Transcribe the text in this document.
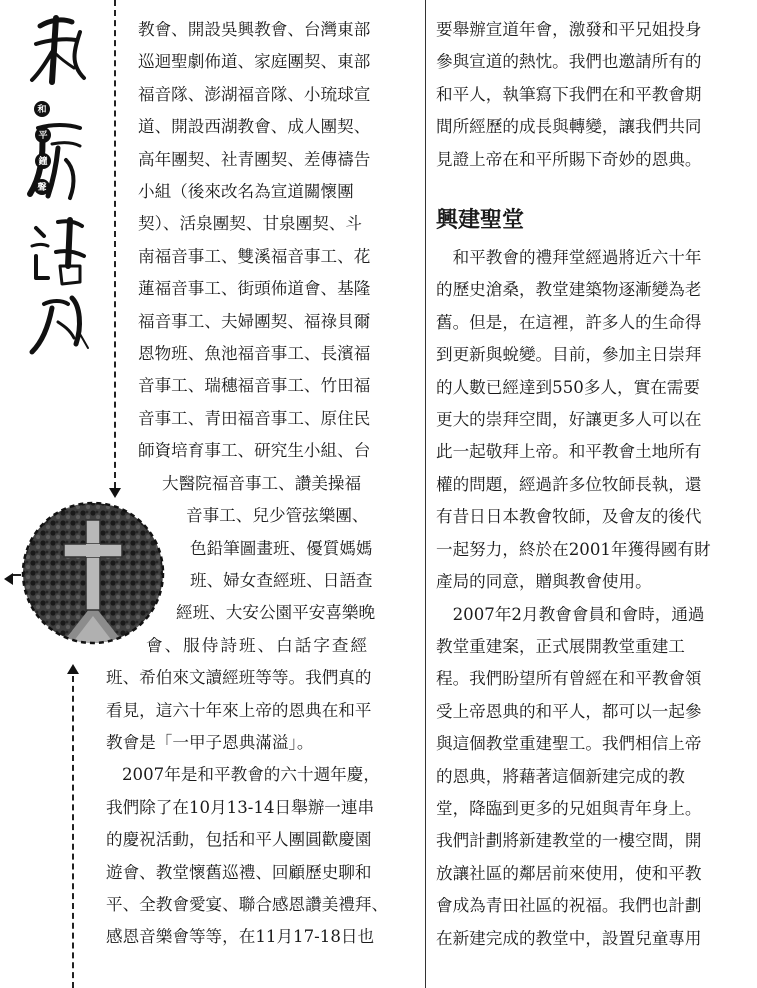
和
平
鐘
聲

教會、開設吳興教會、台灣東部

巡迴聖劇佈道、家庭團契、東部

福音隊、澎湖福音隊、小琉球宣

道、開設西湖教會、成人團契、

高年團契、社青團契、差傳禱告

小組（後來改名為宣道關懷團

契）、活泉團契、甘泉團契、斗

南福音事工、雙溪福音事工、花

蓮福音事工、街頭佈道會、基隆

福音事工、夫婦團契、福祿貝爾

恩物班、魚池福音事工、長濱福

音事工、瑞穗福音事工、竹田福

音事工、青田福音事工、原住民

師資培育事工、研究生小組、台

大醫院福音事工、讚美操福

音事工、兒少管弦樂團、

色鉛筆圖畫班、優質媽媽

班、婦女查經班、日語查

經班、大安公園平安喜樂晚

會、服侍詩班、白話字查經

班、希伯來文讀經班等等。我們真的

看見，這六十年來上帝的恩典在和平

教會是「一甲子恩典滿溢」。

2007年是和平教會的六十週年慶，

我們除了在10月13-14日舉辦一連串

的慶祝活動，包括和平人團圓歡慶園

遊會、教堂懷舊巡禮、回顧歷史聊和

平、全教會愛宴、聯合感恩讚美禮拜、

感恩音樂會等等，在11月17-18日也

要舉辦宣道年會，激發和平兄姐投身

參與宣道的熱忱。我們也邀請所有的

和平人，執筆寫下我們在和平教會期

間所經歷的成長與轉變，讓我們共同

見證上帝在和平所賜下奇妙的恩典。

興建聖堂

和平教會的禮拜堂經過將近六十年

的歷史滄桑，教堂建築物逐漸變為老

舊。但是，在這裡，許多人的生命得

到更新與蛻變。目前，參加主日崇拜

的人數已經達到550多人，實在需要

更大的崇拜空間，好讓更多人可以在

此一起敬拜上帝。和平教會土地所有

權的問題，經過許多位牧師長執，還

有昔日日本教會牧師，及會友的後代

一起努力，終於在2001年獲得國有財

產局的同意，贈與教會使用。

2007年2月教會會員和會時，通過

教堂重建案，正式展開教堂重建工

程。我們盼望所有曾經在和平教會領

受上帝恩典的和平人，都可以一起參

與這個教堂重建聖工。我們相信上帝

的恩典，將藉著這個新建完成的教

堂，降臨到更多的兄姐與青年身上。

我們計劃將新建教堂的一樓空間，開

放讓社區的鄰居前來使用，使和平教

會成為青田社區的祝福。我們也計劃

在新建完成的教堂中，設置兒童專用
